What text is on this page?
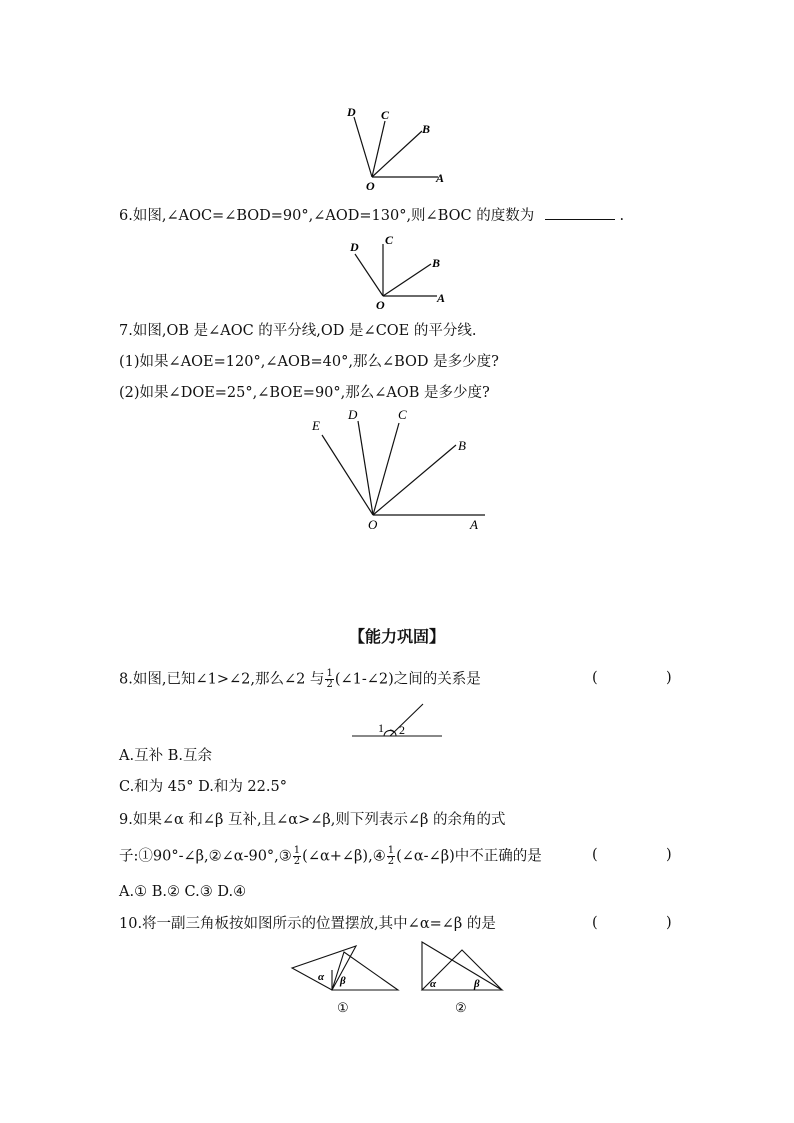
D C
B
O
A
6.如图,∠AOC=∠BOD=90°,∠AOD=130°,则∠BOC 的度数为	.
D C
B
O	A
7.如图,OB 是∠AOC 的平分线,OD 是∠COE 的平分线.
(1)如果∠AOE=120°,∠AOB=40°,那么∠BOD 是多少度?
(2)如果∠DOE=25°,∠BOE=90°,那么∠AOB 是多少度?
E
D	C
B
O	A
【能力巩固】
8.如图,已知∠1>∠2,那么∠2 与 $\frac{1}{2}$ (∠1-∠2)之间的关系是	(	)
1 2
A.互补 B.互余
C.和为 45° D.和为 22.5°
9.如果∠α 和∠β 互补,且∠α>∠β,则下列表示∠β 的余角的式
子:①90°-∠β,②∠α-90°,③ $\frac{1}{2}$ (∠α+∠β),④ $\frac{1}{2}$ (∠α-∠β)中不正确的是	(	)
A.① B.② C.③ D.④
10.将一副三角板按如图所示的位置摆放,其中∠α=∠β 的是	(	)
α β	α	β
①	②
